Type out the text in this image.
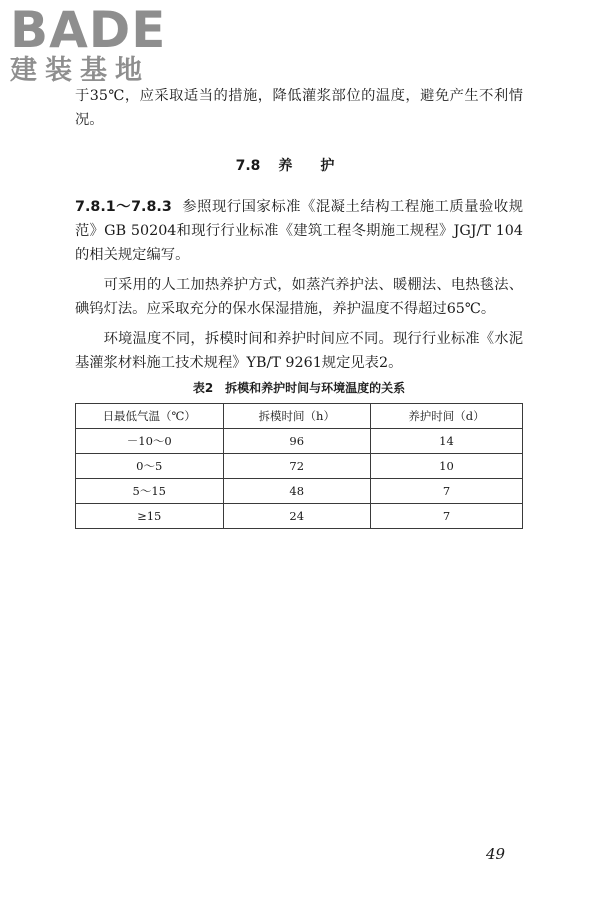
BADE
建装基地

于35℃，应采取适当的措施，降低灌浆部位的温度，避免产生不利情况。

7.8 养护

7.8.1～7.8.3 参照现行国家标准《混凝土结构工程施工质量验收规范》GB 50204和现行行业标准《建筑工程冬期施工规程》JGJ/T 104的相关规定编写。

可采用的人工加热养护方式，如蒸汽养护法、暖棚法、电热毯法、碘钨灯法。应采取充分的保水保湿措施，养护温度不得超过65℃。

环境温度不同，拆模时间和养护时间应不同。现行行业标准《水泥基灌浆材料施工技术规程》YB/T 9261规定见表2。

表2 拆模和养护时间与环境温度的关系

日最低气温（℃）	拆模时间（h）	养护时间（d）
－10～0	96	14
0～5	72	10
5～15	48	7
≥15	24	7
49
